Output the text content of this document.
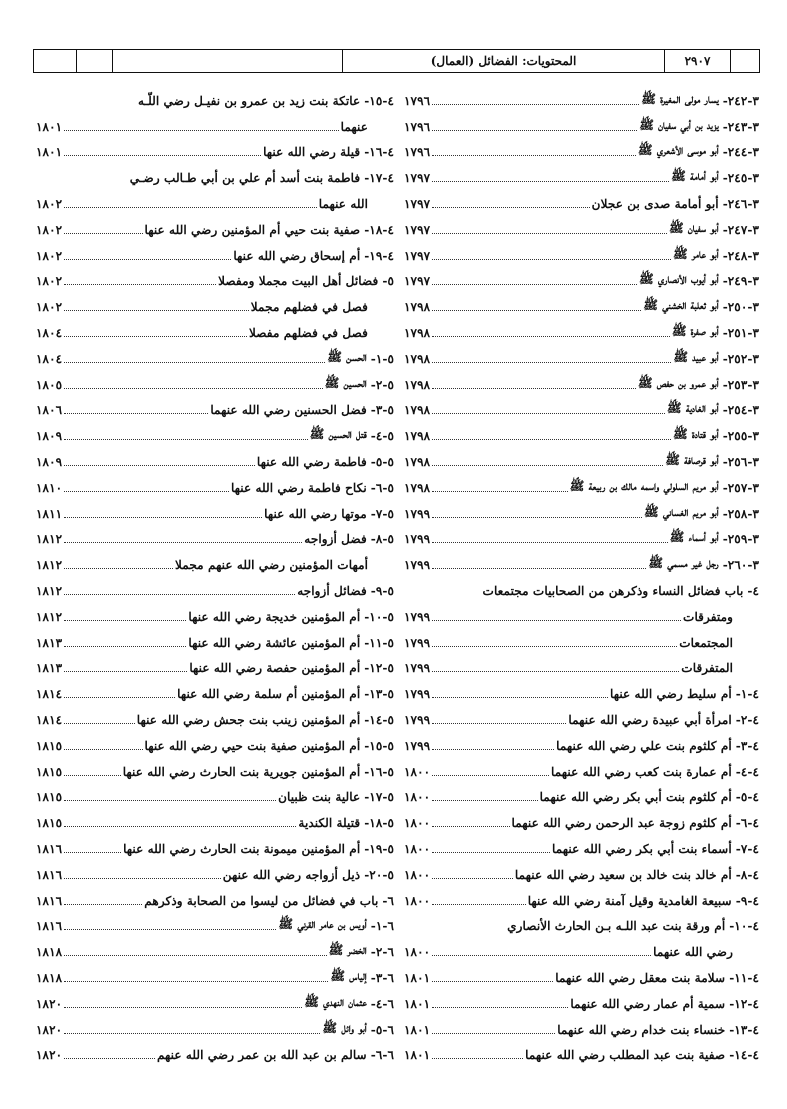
المحتويات: الفضائل (العمال)	٢٩٠٧
٣-٢٤٢-
يسار مولى المغيرة ﷺ
١٧٩٦
٣-٢٤٣-
يزيد بن أبي سفيان ﷺ
١٧٩٦
٣-٢٤٤-
أبو موسى الأشعري ﷺ
١٧٩٦
٣-٢٤٥-
أبو أمامة ﷺ
١٧٩٧
٣-٢٤٦-
أبو أمامة صدى بن عجلان
١٧٩٧
٣-٢٤٧-
أبو سفيان ﷺ
١٧٩٧
٣-٢٤٨-
أبو عامر ﷺ
١٧٩٧
٣-٢٤٩-
أبو أيوب الأنصاري ﷺ
١٧٩٧
٣-٢٥٠-
أبو ثعلبة الخشني ﷺ
١٧٩٨
٣-٢٥١-
أبو صفرة ﷺ
١٧٩٨
٣-٢٥٢-
أبو عبيد ﷺ
١٧٩٨
٣-٢٥٣-
أبو عمرو بن حفص ﷺ
١٧٩٨
٣-٢٥٤-
أبو الغادية ﷺ
١٧٩٨
٣-٢٥٥-
أبو قتادة ﷺ
١٧٩٨
٣-٢٥٦-
أبو قرصافة ﷺ
١٧٩٨
٣-٢٥٧-
أبو مريم السلولي واسمه مالك بن ربيعة ﷺ
١٧٩٨
٣-٢٥٨-
أبو مريم الغساني ﷺ
١٧٩٩
٣-٢٥٩-
أبو أسماء ﷺ
١٧٩٩
٣-٢٦٠-
رجل غير مسمي ﷺ
١٧٩٩
٤-
باب فضائل النساء وذكرهن من الصحابيات مجتمعات
ومتفرقات
١٧٩٩
المجتمعات
١٧٩٩
المتفرقات
١٧٩٩
٤-١-
أم سليط رضي الله عنها
١٧٩٩
٤-٢-
امرأة أبي عبيدة رضي الله عنهما
١٧٩٩
٤-٣-
أم كلثوم بنت علي رضي الله عنهما
١٧٩٩
٤-٤-
أم عمارة بنت كعب رضي الله عنهما
١٨٠٠
٤-٥-
أم كلثوم بنت أبي بكر رضي الله عنهما
١٨٠٠
٤-٦-
أم كلثوم زوجة عبد الرحمن رضي الله عنهما
١٨٠٠
٤-٧-
أسماء بنت أبي بكر رضي الله عنهما
١٨٠٠
٤-٨-
أم خالد بنت خالد بن سعيد رضي الله عنهما
١٨٠٠
٤-٩-
سبيعة الغامدية وقيل آمنة رضي الله عنها
١٨٠٠
٤-١٠-
أم ورقة بنت عبد اللـه بـن الحارث الأنصاري
رضي الله عنهما
١٨٠٠
٤-١١-
سلامة بنت معقل رضي الله عنهما
١٨٠١
٤-١٢-
سمية أم عمار رضي الله عنهما
١٨٠١
٤-١٣-
خنساء بنت خدام رضي الله عنهما
١٨٠١
٤-١٤-
صفية بنت عبد المطلب رضي الله عنهما
١٨٠١
٤-١٥-
عاتكة بنت زيد بن عمرو بن نفيـل رضي اللّـه
عنهما
١٨٠١
٤-١٦-
قيلة رضي الله عنها
١٨٠١
٤-١٧-
فاطمة بنت أسد أم علي بن أبي طـالب رضـي
الله عنهما
١٨٠٢
٤-١٨-
صفية بنت حيي أم المؤمنين رضي الله عنها
١٨٠٢
٤-١٩-
أم إسحاق رضي الله عنها
١٨٠٢
٥-
فضائل أهل البيت مجملا ومفصلا
١٨٠٢
فصل في فضلهم مجملا
١٨٠٢
فصل في فضلهم مفصلا
١٨٠٤
٥-١-
الحسن ﷺ
١٨٠٤
٥-٢-
الحسين ﷺ
١٨٠٥
٥-٣-
فضل الحسنين رضي الله عنهما
١٨٠٦
٥-٤-
قتل الحسين ﷺ
١٨٠٩
٥-٥-
فاطمة رضي الله عنها
١٨٠٩
٥-٦-
نكاح فاطمة رضي الله عنها
١٨١٠
٥-٧-
موتها رضي الله عنها
١٨١١
٥-٨-
فضل أزواجه
١٨١٢
أمهات المؤمنين رضي الله عنهم مجملا
١٨١٢
٥-٩-
فضائل أزواجه
١٨١٢
٥-١٠-
أم المؤمنين خديجة رضي الله عنها
١٨١٢
٥-١١-
أم المؤمنين عائشة رضي الله عنها
١٨١٣
٥-١٢-
أم المؤمنين حفصة رضي الله عنها
١٨١٣
٥-١٣-
أم المؤمنين أم سلمة رضي الله عنها
١٨١٤
٥-١٤-
أم المؤمنين زينب بنت جحش رضي الله عنها
١٨١٤
٥-١٥-
أم المؤمنين صفية بنت حيي رضي الله عنها
١٨١٥
٥-١٦-
أم المؤمنين جويرية بنت الحارث رضي الله عنها
١٨١٥
٥-١٧-
عالية بنت ظبيان
١٨١٥
٥-١٨-
قتيلة الكندية
١٨١٥
٥-١٩-
أم المؤمنين ميمونة بنت الحارث رضي الله عنها
١٨١٦
٥-٢٠-
ذيل أزواجه رضي الله عنهن
١٨١٦
٦-
باب في فضائل من ليسوا من الصحابة وذكرهم
١٨١٦
٦-١-
أويس بن عامر القرني ﷺ
١٨١٦
٦-٢-
الخضر ﷺ
١٨١٨
٦-٣-
إلياس ﷺ
١٨١٨
٦-٤-
عثمان النهدي ﷺ
١٨٢٠
٦-٥-
أبو وائل ﷺ
١٨٢٠
٦-٦-
سالم بن عبد الله بن عمر رضي الله عنهم
١٨٢٠
